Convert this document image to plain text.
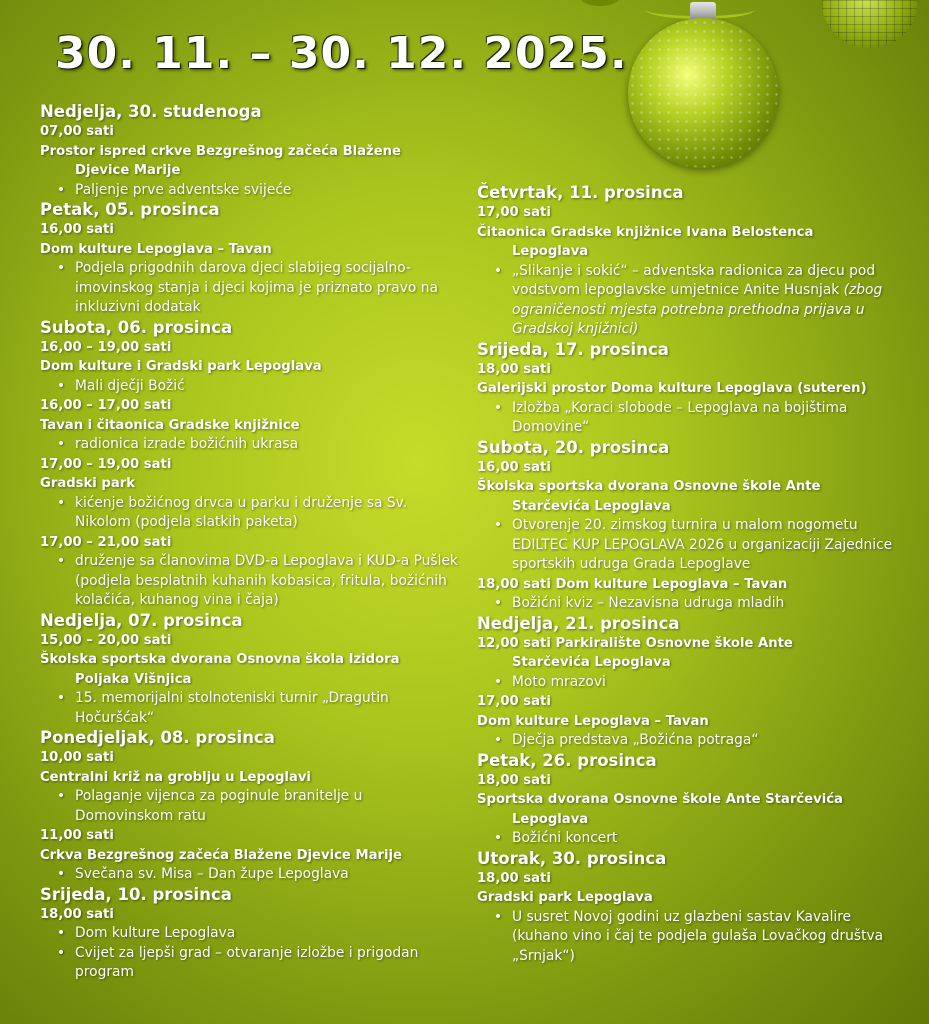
30. 11. – 30. 12. 2025.
Nedjelja, 30. studenoga
07,00 sati
Prostor ispred crkve Bezgrešnog začeća Blažene
Djevice Marije
• Paljenje prve adventske svijeće
Petak, 05. prosinca
16,00 sati
Dom kulture Lepoglava – Tavan
• Podjela prigodnih darova djeci slabijeg socijalno-imovinskog stanja i djeci kojima je priznato pravo na inkluzivni dodatak
Subota, 06. prosinca
16,00 – 19,00 sati
Dom kulture i Gradski park Lepoglava
• Mali dječji Božić
16,00 – 17,00 sati
Tavan i čitaonica Gradske knjižnice
• radionica izrade božićnih ukrasa
17,00 – 19,00 sati
Gradski park
• kićenje božićnog drvca u parku i druženje sa Sv. Nikolom (podjela slatkih paketa)
17,00 – 21,00 sati
• druženje sa članovima DVD-a Lepoglava i KUD-a Pušlek (podjela besplatnih kuhanih kobasica, fritula, božićnih kolačića, kuhanog vina i čaja)
Nedjelja, 07. prosinca
15,00 – 20,00 sati
Školska sportska dvorana Osnovna škola Izidora
Poljaka Višnjica
• 15. memorijalni stolnoteniski turnir „Dragutin Hočuršćak“
Ponedjeljak, 08. prosinca
10,00 sati
Centralni križ na groblju u Lepoglavi
• Polaganje vijenca za poginule branitelje u Domovinskom ratu
11,00 sati
Crkva Bezgrešnog začeća Blažene Djevice Marije
• Svečana sv. Misa – Dan župe Lepoglava
Srijeda, 10. prosinca
18,00 sati
• Dom kulture Lepoglava
• Cvijet za ljepši grad – otvaranje izložbe i prigodan program
Četvrtak, 11. prosinca
17,00 sati
Čitaonica Gradske knjižnice Ivana Belostenca
Lepoglava
• „Slikanje i sokić“ – adventska radionica za djecu pod vodstvom lepoglavske umjetnice Anite Husnjak (zbog ograničenosti mjesta potrebna prethodna prijava u Gradskoj knjižnici)
Srijeda, 17. prosinca
18,00 sati
Galerijski prostor Doma kulture Lepoglava (suteren)
• Izložba „Koraci slobode – Lepoglava na bojištima Domovine“
Subota, 20. prosinca
16,00 sati
Školska sportska dvorana Osnovne škole Ante
Starčevića Lepoglava
• Otvorenje 20. zimskog turnira u malom nogometu EDILTEC KUP LEPOGLAVA 2026 u organizaciji Zajednice sportskih udruga Grada Lepoglave
18,00 sati Dom kulture Lepoglava – Tavan
• Božićni kviz – Nezavisna udruga mladih
Nedjelja, 21. prosinca
12,00 sati Parkiralište Osnovne škole Ante
Starčevića Lepoglava
• Moto mrazovi
17,00 sati
Dom kulture Lepoglava – Tavan
• Dječja predstava „Božićna potraga“
Petak, 26. prosinca
18,00 sati
Sportska dvorana Osnovne škole Ante Starčevića
Lepoglava
• Božićni koncert
Utorak, 30. prosinca
18,00 sati
Gradski park Lepoglava
• U susret Novoj godini uz glazbeni sastav Kavalire (kuhano vino i čaj te podjela gulaša Lovačkog društva „Srnjak“)
